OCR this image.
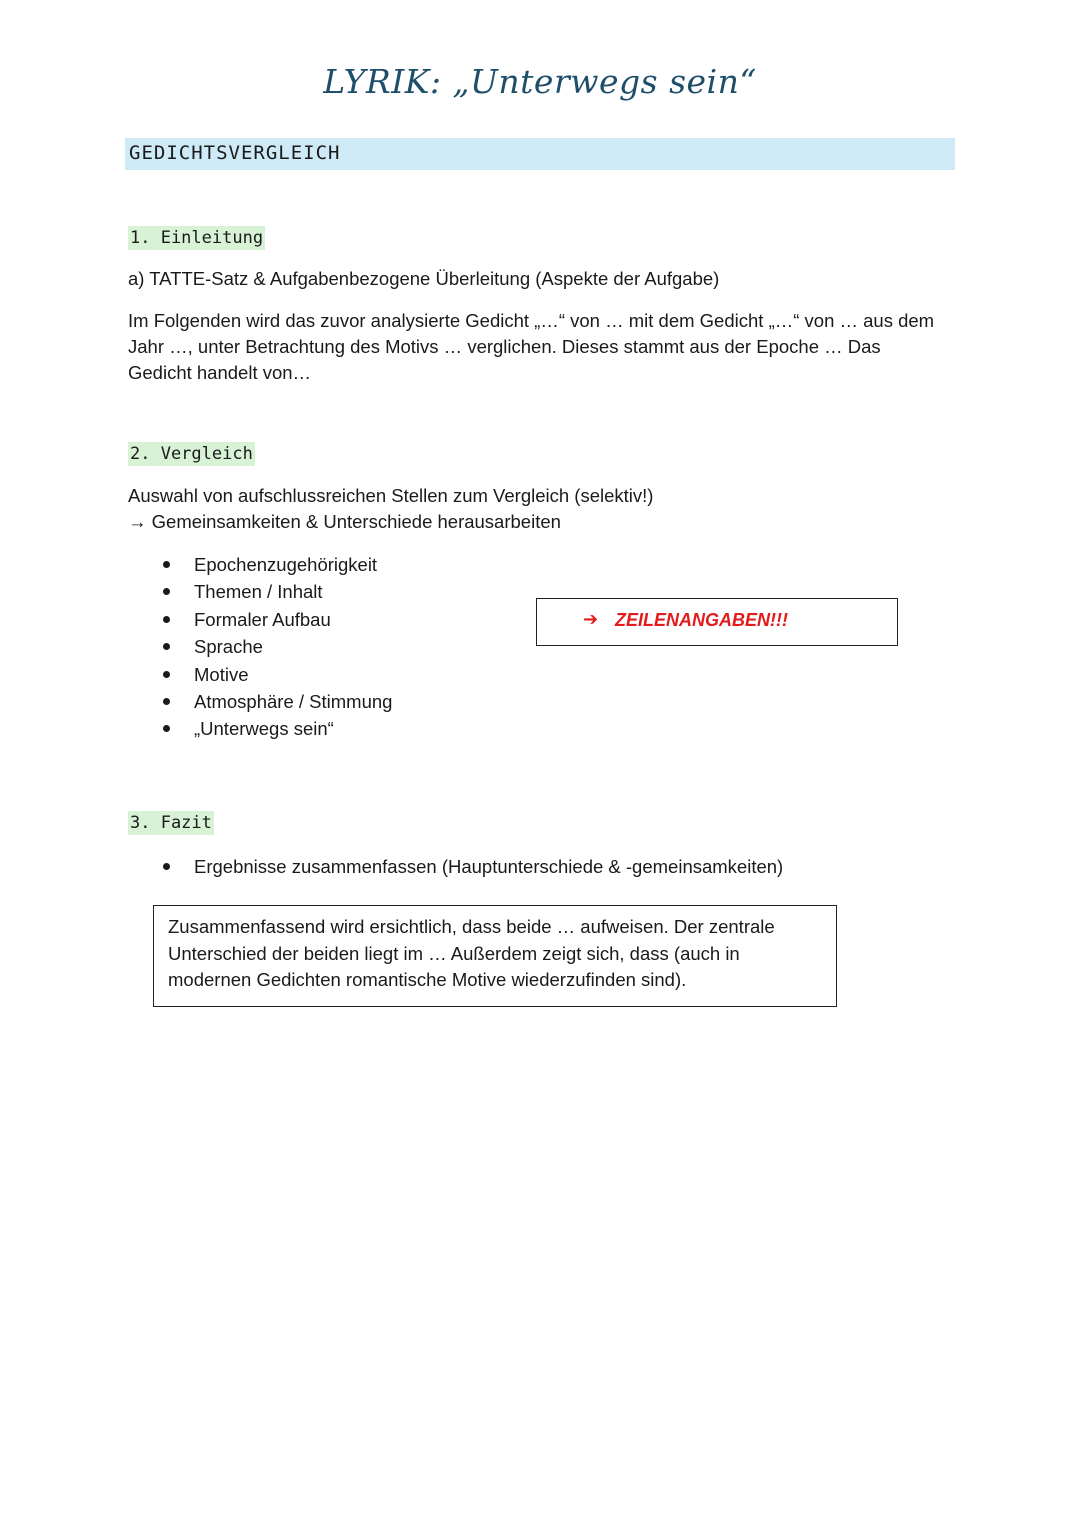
LYRIK: „Unterwegs sein“
GEDICHTSVERGLEICH
1. Einleitung
a) TATTE-Satz & Aufgabenbezogene Überleitung (Aspekte der Aufgabe)
Im Folgenden wird das zuvor analysierte Gedicht „…“ von … mit dem Gedicht „…“ von … aus dem Jahr …, unter Betrachtung des Motivs … verglichen. Dieses stammt aus der Epoche … Das Gedicht handelt von…
2. Vergleich
Auswahl von aufschlussreichen Stellen zum Vergleich (selektiv!)
→ Gemeinsamkeiten & Unterschiede herausarbeiten
Epochenzugehörigkeit
Themen / Inhalt
Formaler Aufbau
Sprache
Motive
Atmosphäre / Stimmung
„Unterwegs sein“
➔ ZEILENANGABEN!!!
3. Fazit
Ergebnisse zusammenfassen (Hauptunterschiede & -gemeinsamkeiten)
Zusammenfassend wird ersichtlich, dass beide … aufweisen. Der zentrale Unterschied der beiden liegt im … Außerdem zeigt sich, dass (auch in modernen Gedichten romantische Motive wiederzufinden sind).
